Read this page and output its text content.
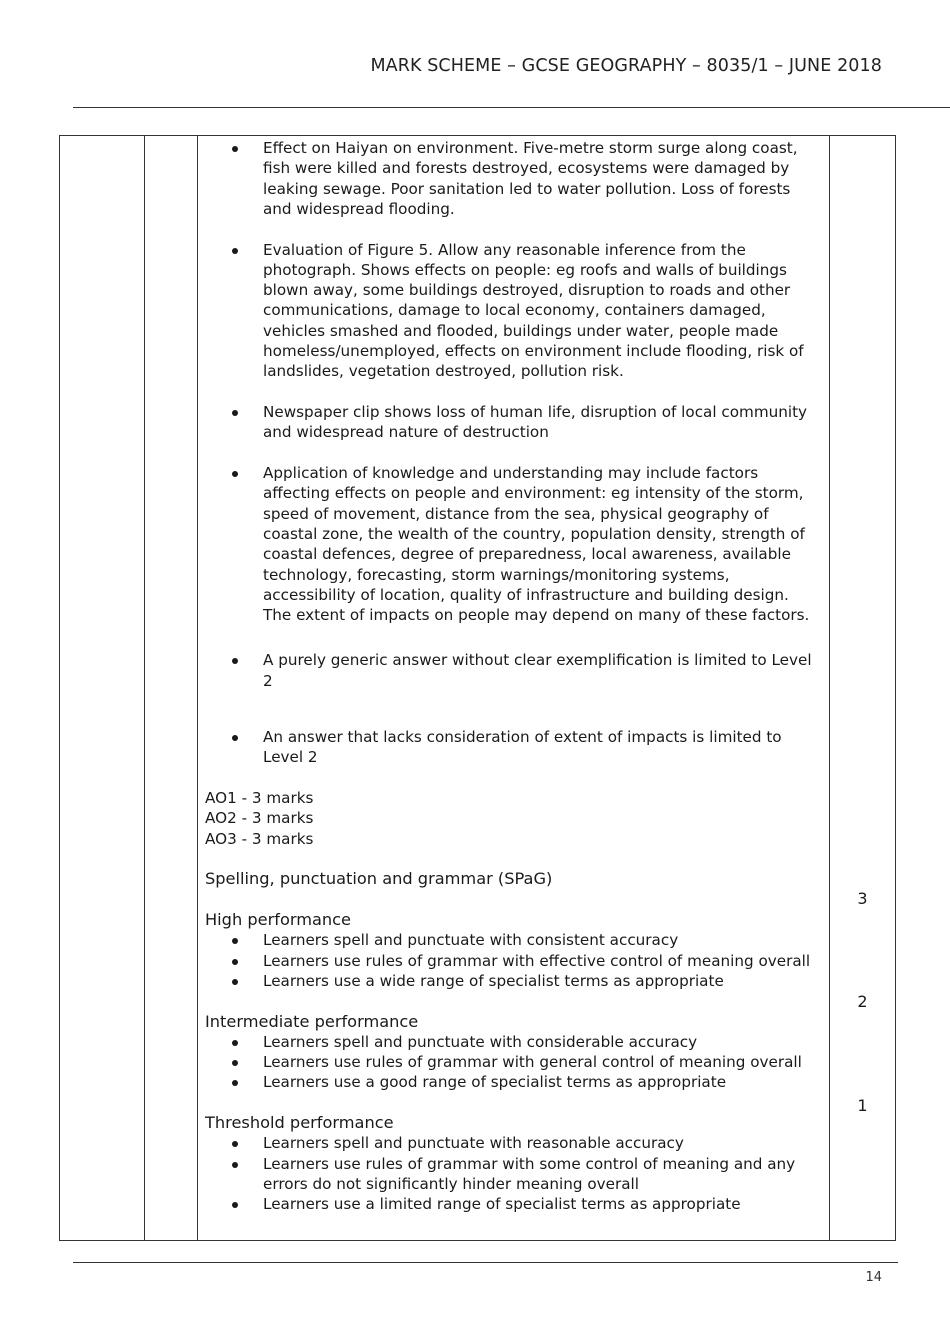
MARK SCHEME – GCSE GEOGRAPHY – 8035/1 – JUNE 2018
Effect on Haiyan on environment. Five-metre storm surge along coast, fish were killed and forests destroyed, ecosystems were damaged by leaking sewage. Poor sanitation led to water pollution. Loss of forests and widespread flooding.
Evaluation of Figure 5. Allow any reasonable inference from the photograph. Shows effects on people: eg roofs and walls of buildings blown away, some buildings destroyed, disruption to roads and other communications, damage to local economy, containers damaged, vehicles smashed and flooded, buildings under water, people made homeless/unemployed, effects on environment include flooding, risk of landslides, vegetation destroyed, pollution risk.
Newspaper clip shows loss of human life, disruption of local community and widespread nature of destruction
Application of knowledge and understanding may include factors affecting effects on people and environment: eg intensity of the storm, speed of movement, distance from the sea, physical geography of coastal zone, the wealth of the country, population density, strength of coastal defences, degree of preparedness, local awareness, available technology, forecasting, storm warnings/monitoring systems, accessibility of location, quality of infrastructure and building design. The extent of impacts on people may depend on many of these factors.
A purely generic answer without clear exemplification is limited to Level 2
An answer that lacks consideration of extent of impacts is limited to Level 2

AO1 - 3 marks

AO2 - 3 marks

AO3 - 3 marks

Spelling, punctuation and grammar (SPaG)

High performance

Learners spell and punctuate with consistent accuracy
Learners use rules of grammar with effective control of meaning overall
Learners use a wide range of specialist terms as appropriate

Intermediate performance

Learners spell and punctuate with considerable accuracy
Learners use rules of grammar with general control of meaning overall
Learners use a good range of specialist terms as appropriate

Threshold performance

Learners spell and punctuate with reasonable accuracy
Learners use rules of grammar with some control of meaning and any errors do not significantly hinder meaning overall
Learners use a limited range of specialist terms as appropriate
3
2
1
14
